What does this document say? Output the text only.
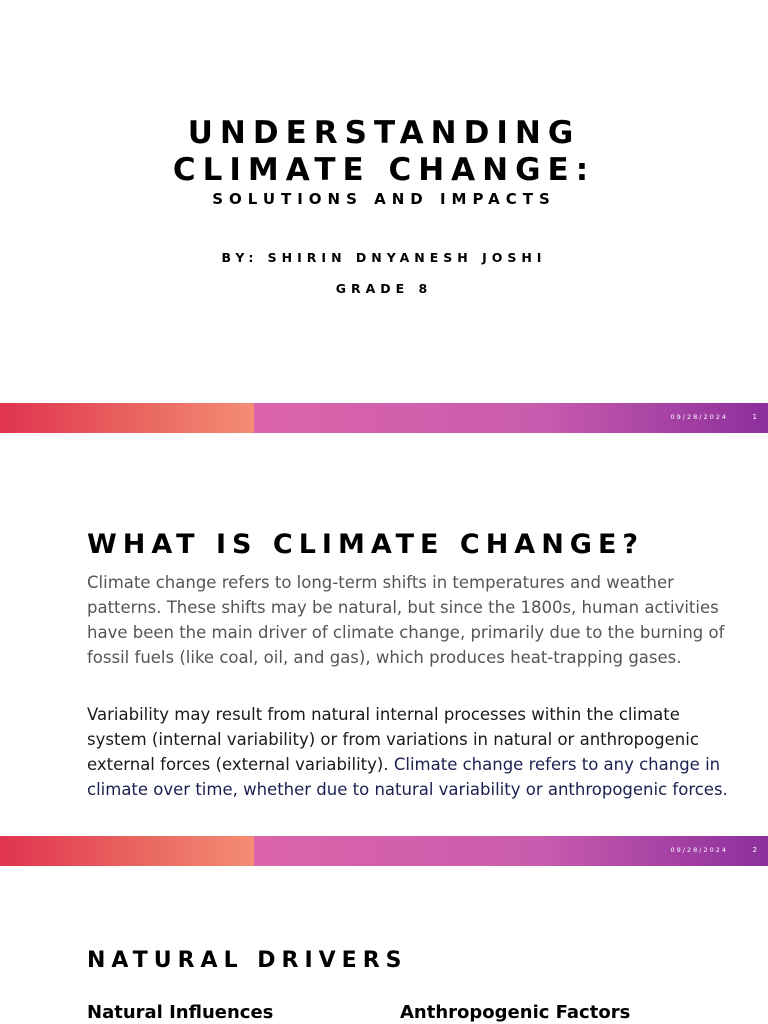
UNDERSTANDING
CLIMATE CHANGE:
SOLUTIONS AND IMPACTS
BY: SHIRIN DNYANESH JOSHI
GRADE 8
09/28/2024	1
WHAT IS CLIMATE CHANGE?

Climate change refers to long-term shifts in temperatures and weather patterns. These shifts may be natural, but since the 1800s, human activities have been the main driver of climate change, primarily due to the burning of fossil fuels (like coal, oil, and gas), which produces heat-trapping gases.

Variability may result from natural internal processes within the climate system (internal variability) or from variations in natural or anthropogenic external forces (external variability). Climate change refers to any change in climate over time, whether due to natural variability or anthropogenic forces.

09/28/2024	2
NATURAL DRIVERS
Natural Influences	Anthropogenic Factors
